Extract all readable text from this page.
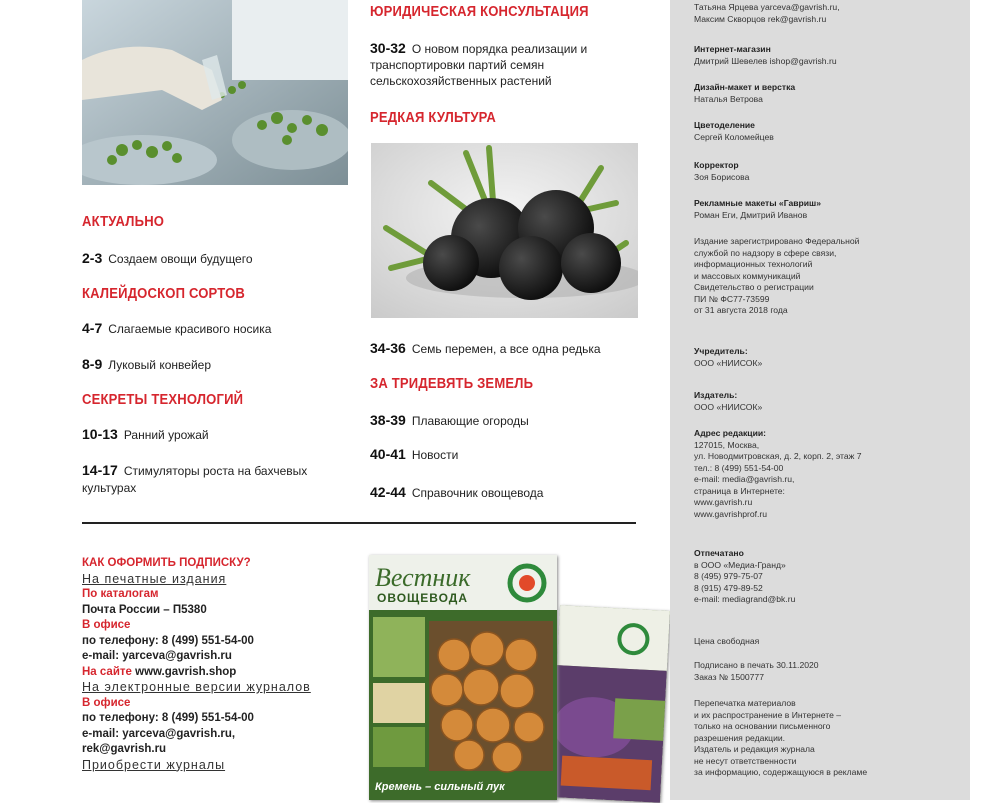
АКТУАЛЬНО
2-3 Создаем овощи будущего
КАЛЕЙДОСКОП СОРТОВ
4-7 Слагаемые красивого носика
8-9 Луковый конвейер
СЕКРЕТЫ ТЕХНОЛОГИЙ
10-13 Ранний урожай
14-17 Стимуляторы роста на бахчевых культурах
ЮРИДИЧЕСКАЯ КОНСУЛЬТАЦИЯ
30-32 О новом порядка реализации и транспортировки партий семян сельскохозяйственных растений
РЕДКАЯ КУЛЬТУРА
34-36 Семь перемен, а все одна редька
ЗА ТРИДЕВЯТЬ ЗЕМЕЛЬ
38-39 Плавающие огороды
40-41 Новости
42-44 Справочник овощевода
КАК ОФОРМИТЬ ПОДПИСКУ?
На печатные издания
По каталогам
Почта России – П5380
В офисе
по телефону: 8 (499) 551-54-00
e-mail: yarceva@gavrish.ru
На сайте www.gavrish.shop
На электронные версии журналов
В офисе
по телефону: 8 (499) 551-54-00
e-mail: yarceva@gavrish.ru,
rek@gavrish.ru
Приобрести журналы
Вестник
ОВОЩЕВОДА
Кремень – сильный лук
Татьяна Ярцева yarceva@gavrish.ru,
Максим Скворцов rek@gavrish.ru
Интернет-магазин
Дмитрий Шевелев ishop@gavrish.ru
Дизайн-макет и верстка
Наталья Ветрова
Цветоделение
Сергей Коломейцев
Корректор
Зоя Борисова
Рекламные макеты «Гавриш»
Роман Еги, Дмитрий Иванов
Издание зарегистрировано Федеральной
службой по надзору в сфере связи,
информационных технологий
и массовых коммуникаций
Свидетельство о регистрации
ПИ № ФС77-73599
от 31 августа 2018 года
Учредитель:
ООО «НИИСОК»
Издатель:
ООО «НИИСОК»
Адрес редакции:
127015, Москва,
ул. Новодмитровская, д. 2, корп. 2, этаж 7
тел.: 8 (499) 551-54-00
e-mail: media@gavrish.ru,
страница в Интернете:
www.gavrish.ru
www.gavrishprof.ru
Отпечатано
в ООО «Медиа-Гранд»
8 (495) 979-75-07
8 (915) 479-89-52
e-mail: mediagrand@bk.ru
Цена свободная
Подписано в печать 30.11.2020
Заказ № 1500777
Перепечатка материалов
и их распространение в Интернете –
только на основании письменного
разрешения редакции.
Издатель и редакция журнала
не несут ответственности
за информацию, содержащуюся в рекламе
